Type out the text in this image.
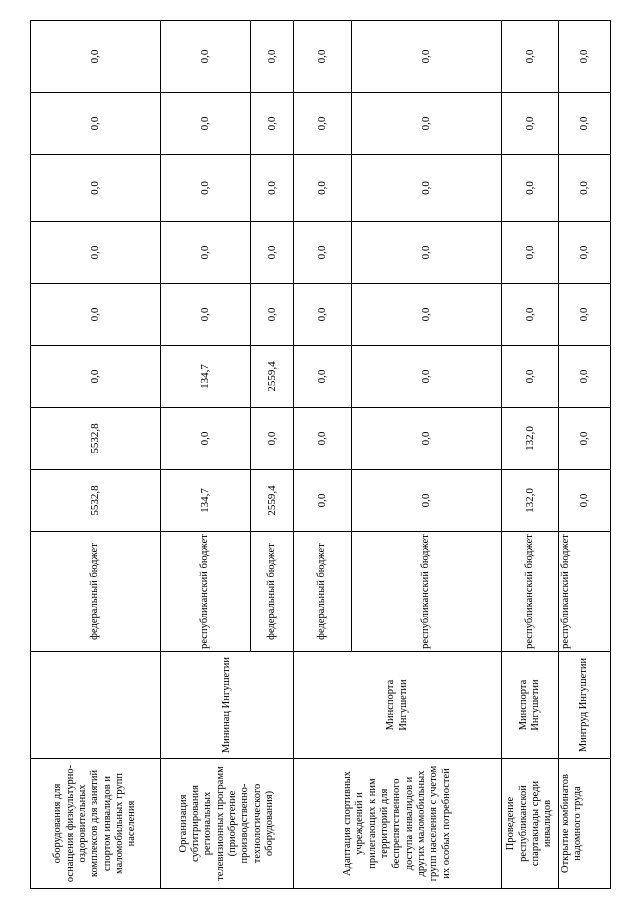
оборудования для оснащения физкультурно-оздоровительных комплексов для занятий спортом инвалидов и маломобильных групп населения		федеральный бюджет	5532,8	5532,8	0,0	0,0	0,0	0,0	0,0	0,0
Организация субтитрирования региональных телевизионных программ (приобретение производственно-технологического оборудования)	Мининац Ингушетии	республиканский бюджет	134,7	0,0	134,7	0,0	0,0	0,0	0,0	0,0
		федеральный бюджет	2559,4	0,0	2559,4	0,0	0,0	0,0	0,0	0,0
Адаптация спортивных учреждений и прилегающих к ним территорий для беспрепятственного доступа инвалидов и других маломобильных групп населения с учетом их особых потребностей	Минспорта Ингушетии	федеральный бюджет	0,0	0,0	0,0	0,0	0,0	0,0	0,0	0,0
		республиканский бюджет	0,0	0,0	0,0	0,0	0,0	0,0	0,0	0,0
Проведение республиканской спартакиады среди инвалидов	Минспорта Ингушетии	республиканский бюджет	132,0	132,0	0,0	0,0	0,0	0,0	0,0	0,0
Открытие комбинатов надомного труда	Минтруд Ингушетии	республиканский бюджет	0,0	0,0	0,0	0,0	0,0	0,0	0,0	0,0
